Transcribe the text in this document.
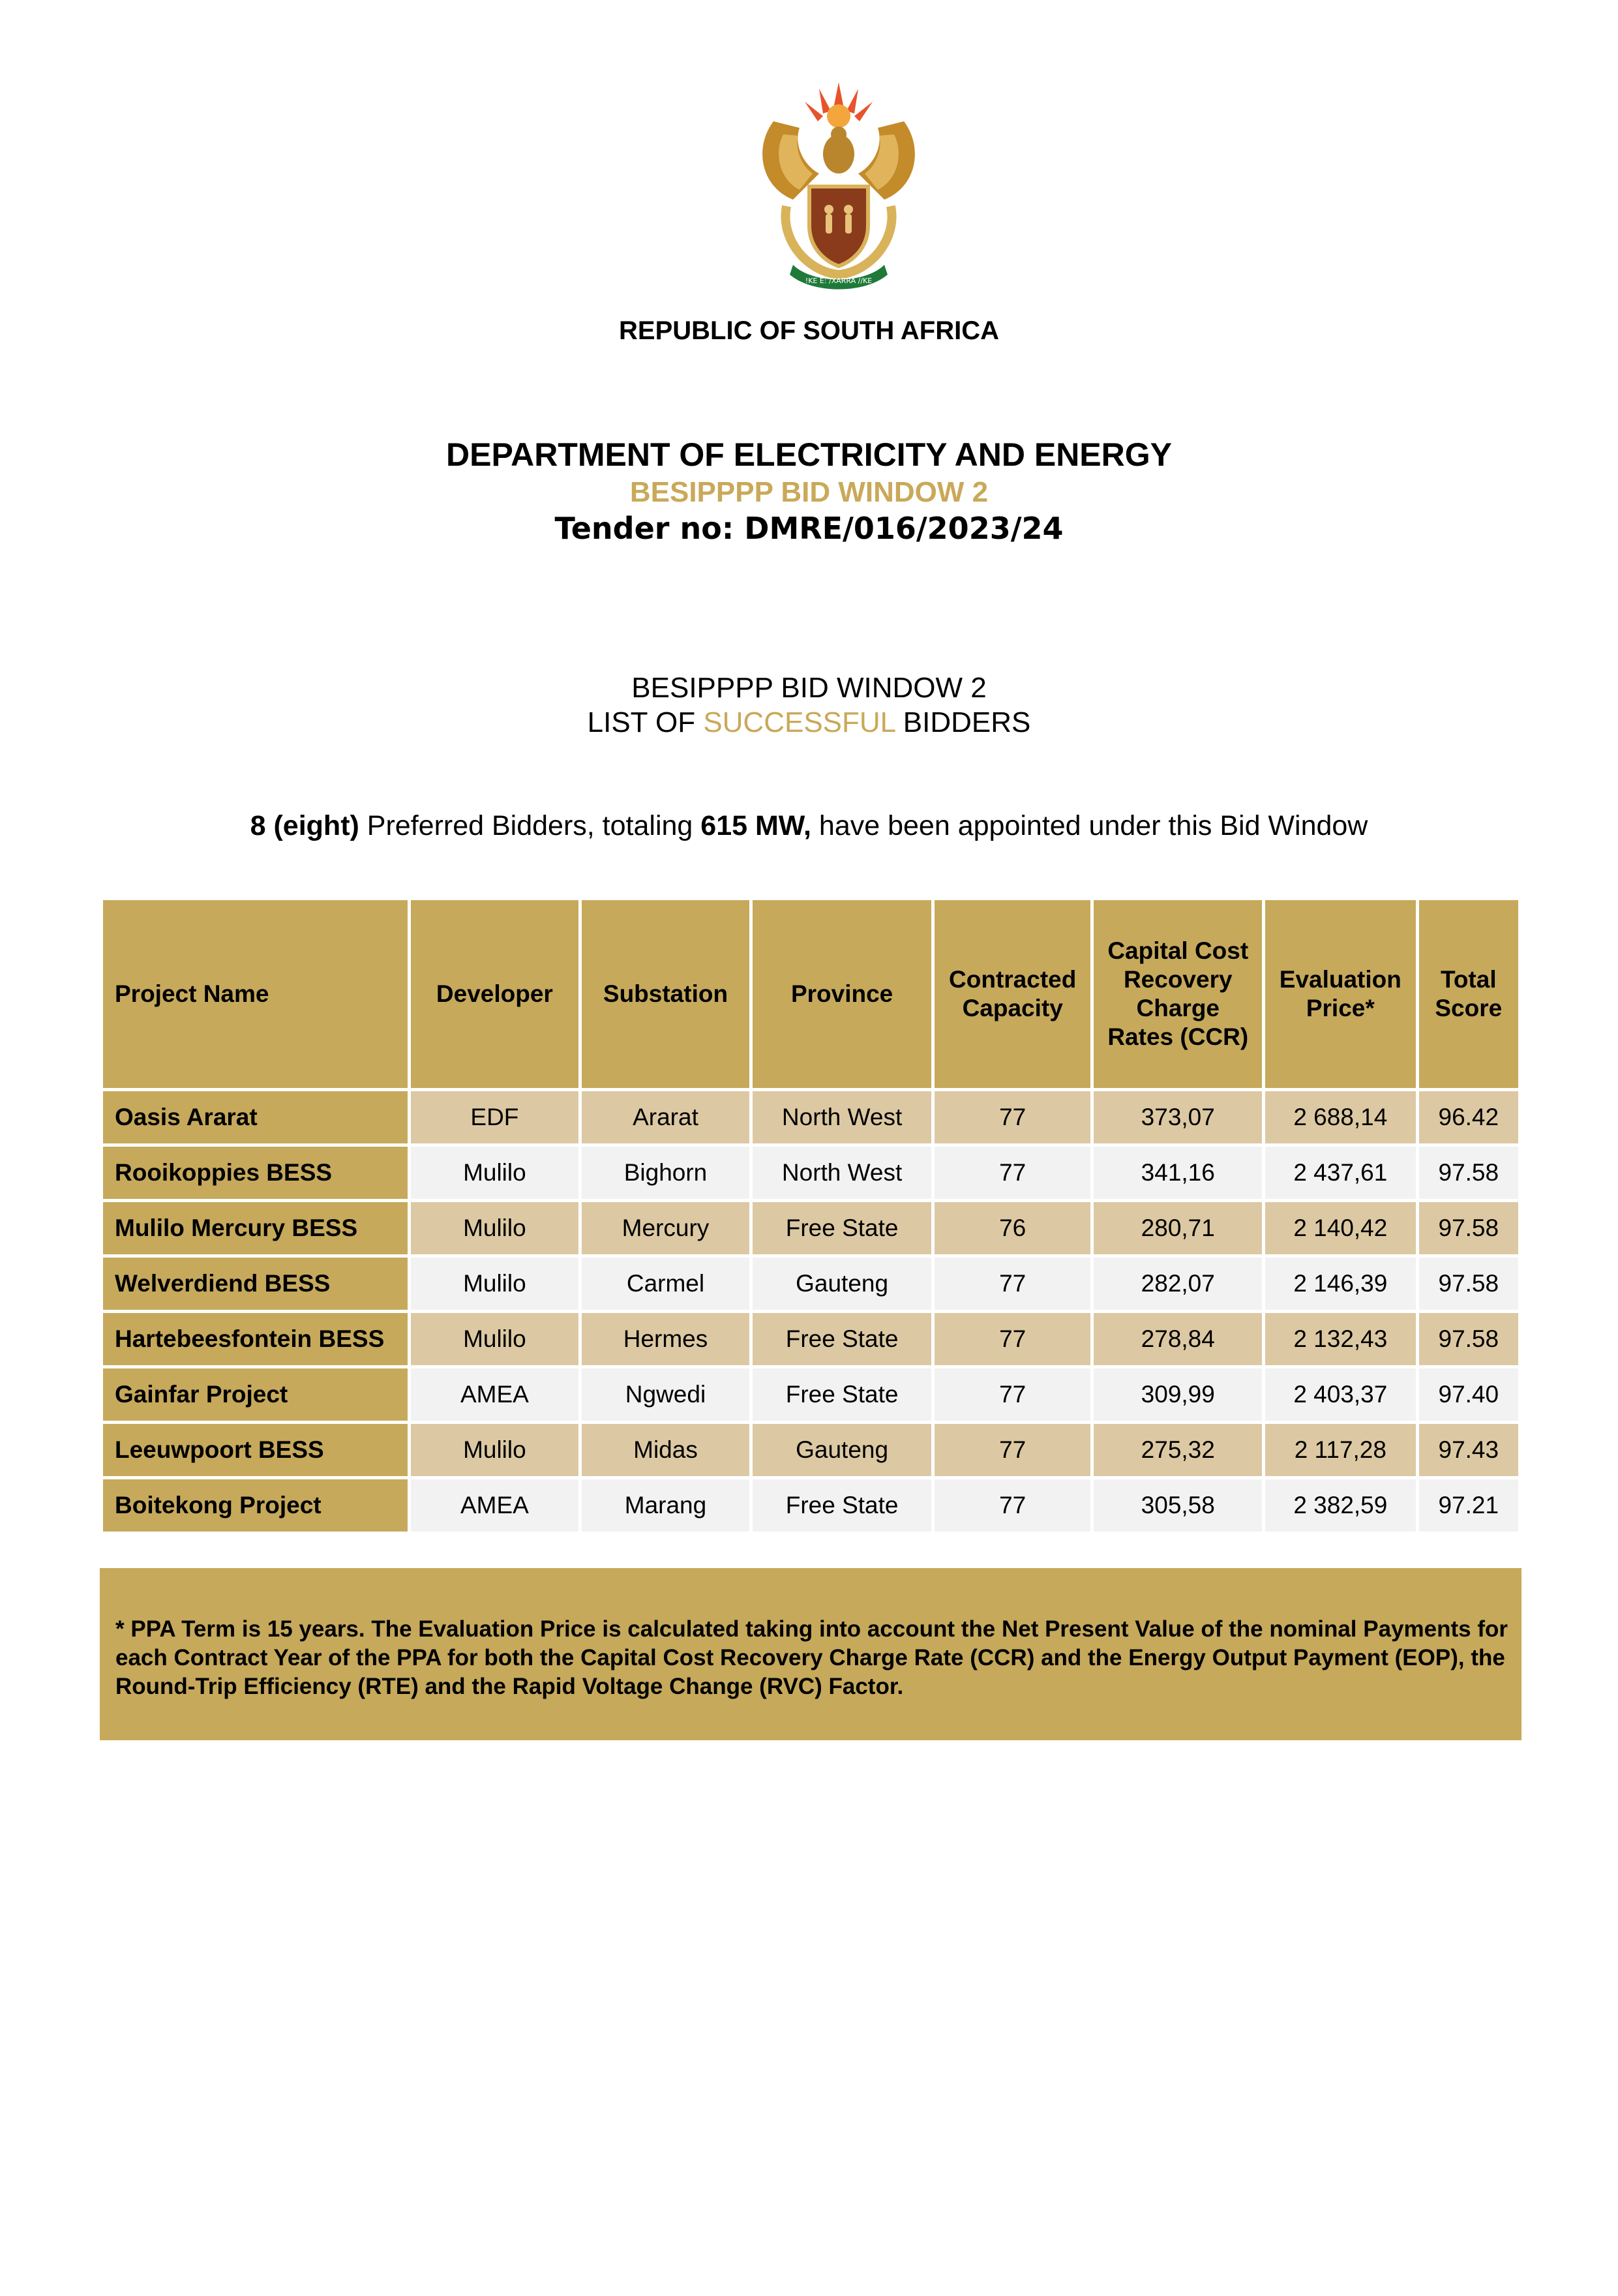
!KE E: /XARRA //KE
REPUBLIC OF SOUTH AFRICA
DEPARTMENT OF ELECTRICITY AND ENERGY
BESIPPPP BID WINDOW 2
Tender no: DMRE/016/2023/24
BESIPPPP BID WINDOW 2
LIST OF SUCCESSFUL BIDDERS
8 (eight) Preferred Bidders, totaling 615 MW, have been appointed under this Bid Window
Project Name	Developer	Substation	Province	Contracted Capacity	Capital Cost Recovery Charge Rates (CCR)	Evaluation Price*	Total Score
Oasis Ararat	EDF	Ararat	North West	77	373,07	2 688,14	96.42
Rooikoppies BESS	Mulilo	Bighorn	North West	77	341,16	2 437,61	97.58
Mulilo Mercury BESS	Mulilo	Mercury	Free State	76	280,71	2 140,42	97.58
Welverdiend BESS	Mulilo	Carmel	Gauteng	77	282,07	2 146,39	97.58
Hartebeesfontein BESS	Mulilo	Hermes	Free State	77	278,84	2 132,43	97.58
Gainfar Project	AMEA	Ngwedi	Free State	77	309,99	2 403,37	97.40
Leeuwpoort BESS	Mulilo	Midas	Gauteng	77	275,32	2 117,28	97.43
Boitekong Project	AMEA	Marang	Free State	77	305,58	2 382,59	97.21
* PPA Term is 15 years. The Evaluation Price is calculated taking into account the Net Present Value of the nominal Payments for each Contract Year of the PPA for both the Capital Cost Recovery Charge Rate (CCR) and the Energy Output Payment (EOP), the Round-Trip Efficiency (RTE) and the Rapid Voltage Change (RVC) Factor.
